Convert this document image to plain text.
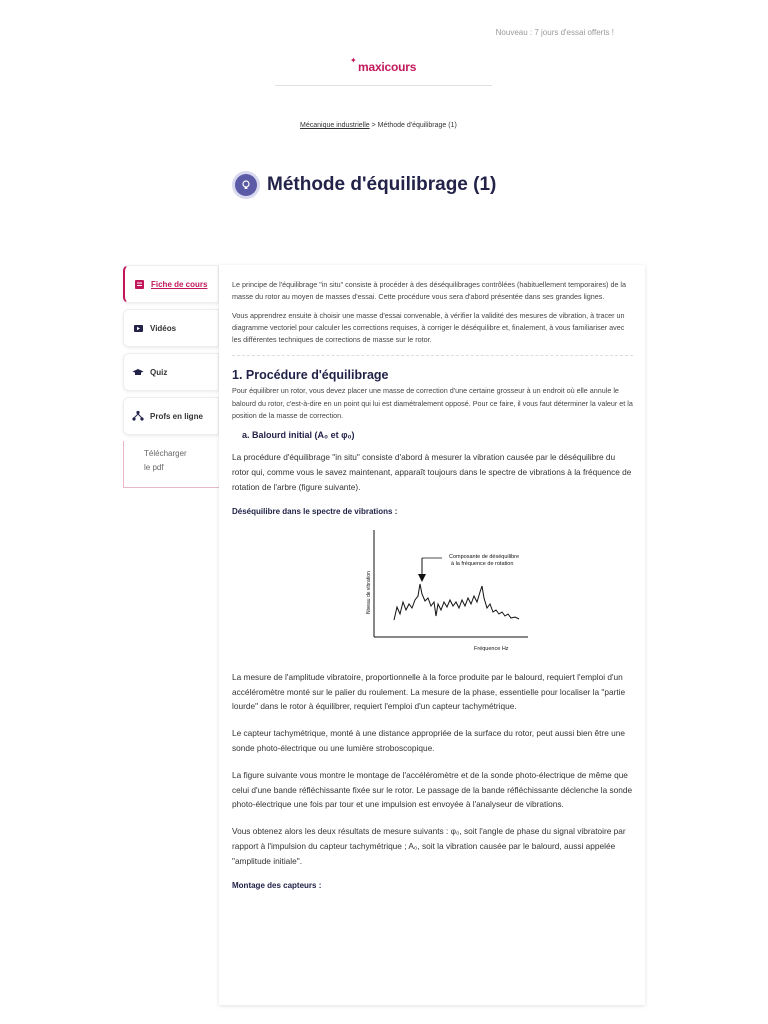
Nouveau : 7 jours d'essai offerts !
✦ maxicours
Mécanique industrielle > Méthode d'équilibrage (1)
Méthode d'équilibrage (1)
Fiche de cours
Vidéos
Quiz
Profs en ligne
Télécharger
le pdf

Le principe de l'équilibrage "in situ" consiste à procéder à des déséquilibrages contrôlées (habituellement temporaires) de la masse du rotor au moyen de masses d'essai. Cette procédure vous sera d'abord présentée dans ses grandes lignes.

Vous apprendrez ensuite à choisir une masse d'essai convenable, à vérifier la validité des mesures de vibration, à tracer un diagramme vectoriel pour calculer les corrections requises, à corriger le déséquilibre et, finalement, à vous familiariser avec les différentes techniques de corrections de masse sur le rotor.

1. Procédure d'équilibrage

Pour équilibrer un rotor, vous devez placer une masse de correction d'une certaine grosseur à un endroit où elle annule le balourd du rotor, c'est-à-dire en un point qui lui est diamétralement opposé. Pour ce faire, il vous faut déterminer la valeur et la position de la masse de correction.

a. Balourd initial (A₀ et φ₀)

La procédure d'équilibrage "in situ" consiste d'abord à mesurer la vibration causée par le déséquilibre du rotor qui, comme vous le savez maintenant, apparaît toujours dans le spectre de vibrations à la fréquence de rotation de l'arbre (figure suivante).

Déséquilibre dans le spectre de vibrations :
Composante de déséquilibre
à la fréquence de rotation
Niveau de vibration
Fréquence Hz

La mesure de l'amplitude vibratoire, proportionnelle à la force produite par le balourd, requiert l'emploi d'un accéléromètre monté sur le palier du roulement. La mesure de la phase, essentielle pour localiser la "partie lourde" dans le rotor à équilibrer, requiert l'emploi d'un capteur tachymétrique.

Le capteur tachymétrique, monté à une distance appropriée de la surface du rotor, peut aussi bien être une sonde photo-électrique ou une lumière stroboscopique.

La figure suivante vous montre le montage de l'accéléromètre et de la sonde photo-électrique de même que celui d'une bande réfléchissante fixée sur le rotor. Le passage de la bande réfléchissante déclenche la sonde photo-électrique une fois par tour et une impulsion est envoyée à l'analyseur de vibrations.

Vous obtenez alors les deux résultats de mesure suivants : φ₀, soit l'angle de phase du signal vibratoire par rapport à l'impulsion du capteur tachymétrique ; A₀, soit la vibration causée par le balourd, aussi appelée "amplitude initiale".

Montage des capteurs :
